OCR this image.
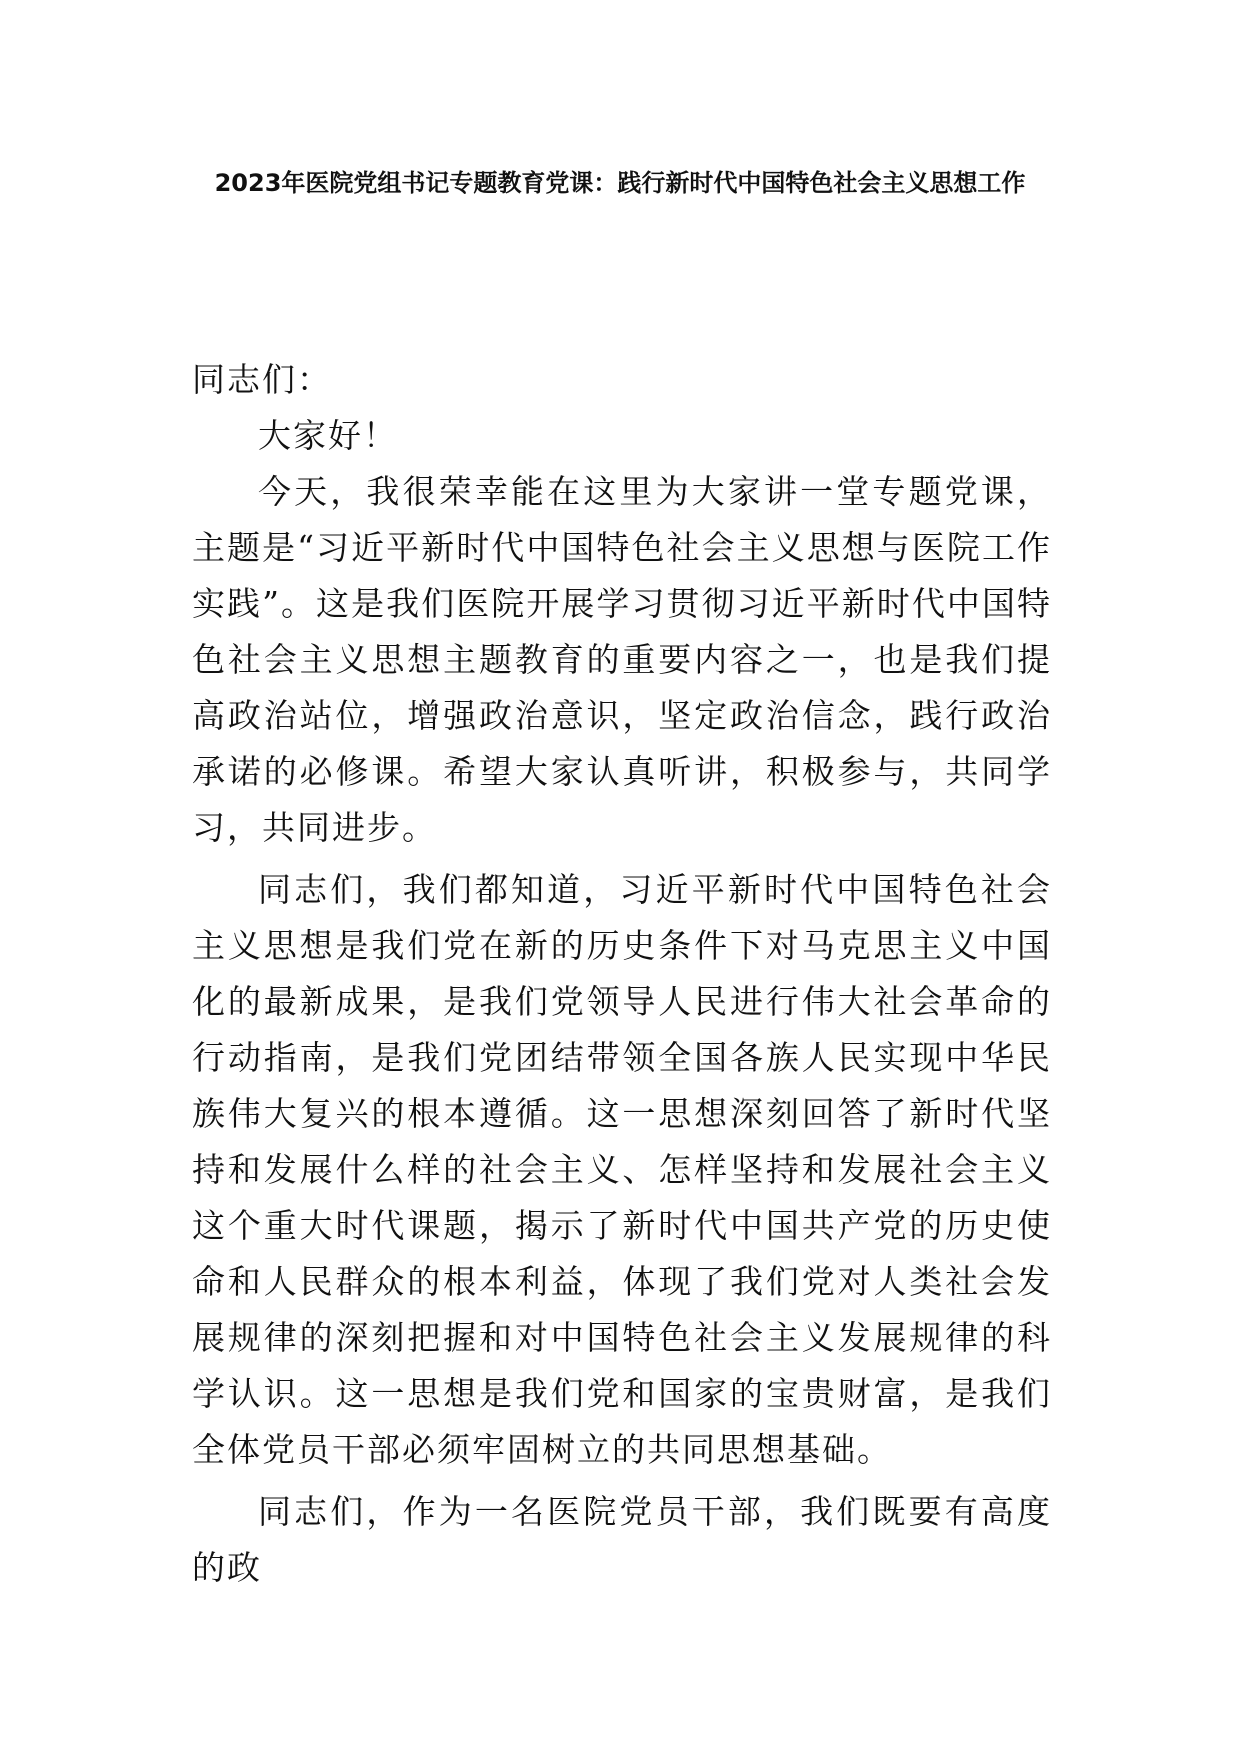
2023年医院党组书记专题教育党课：践行新时代中国特色社会主义思想工作

同志们：

大家好！

今天，我很荣幸能在这里为大家讲一堂专题党课，主题是“习近平新时代中国特色社会主义思想与医院工作实践”。这是我们医院开展学习贯彻习近平新时代中国特色社会主义思想主题教育的重要内容之一，也是我们提高政治站位，增强政治意识，坚定政治信念，践行政治承诺的必修课。希望大家认真听讲，积极参与，共同学习，共同进步。

同志们，我们都知道，习近平新时代中国特色社会主义思想是我们党在新的历史条件下对马克思主义中国化的最新成果，是我们党领导人民进行伟大社会革命的行动指南，是我们党团结带领全国各族人民实现中华民族伟大复兴的根本遵循。这一思想深刻回答了新时代坚持和发展什么样的社会主义、怎样坚持和发展社会主义这个重大时代课题，揭示了新时代中国共产党的历史使命和人民群众的根本利益，体现了我们党对人类社会发展规律的深刻把握和对中国特色社会主义发展规律的科学认识。这一思想是我们党和国家的宝贵财富，是我们全体党员干部必须牢固树立的共同思想基础。

同志们，作为一名医院党员干部，我们既要有高度的政
